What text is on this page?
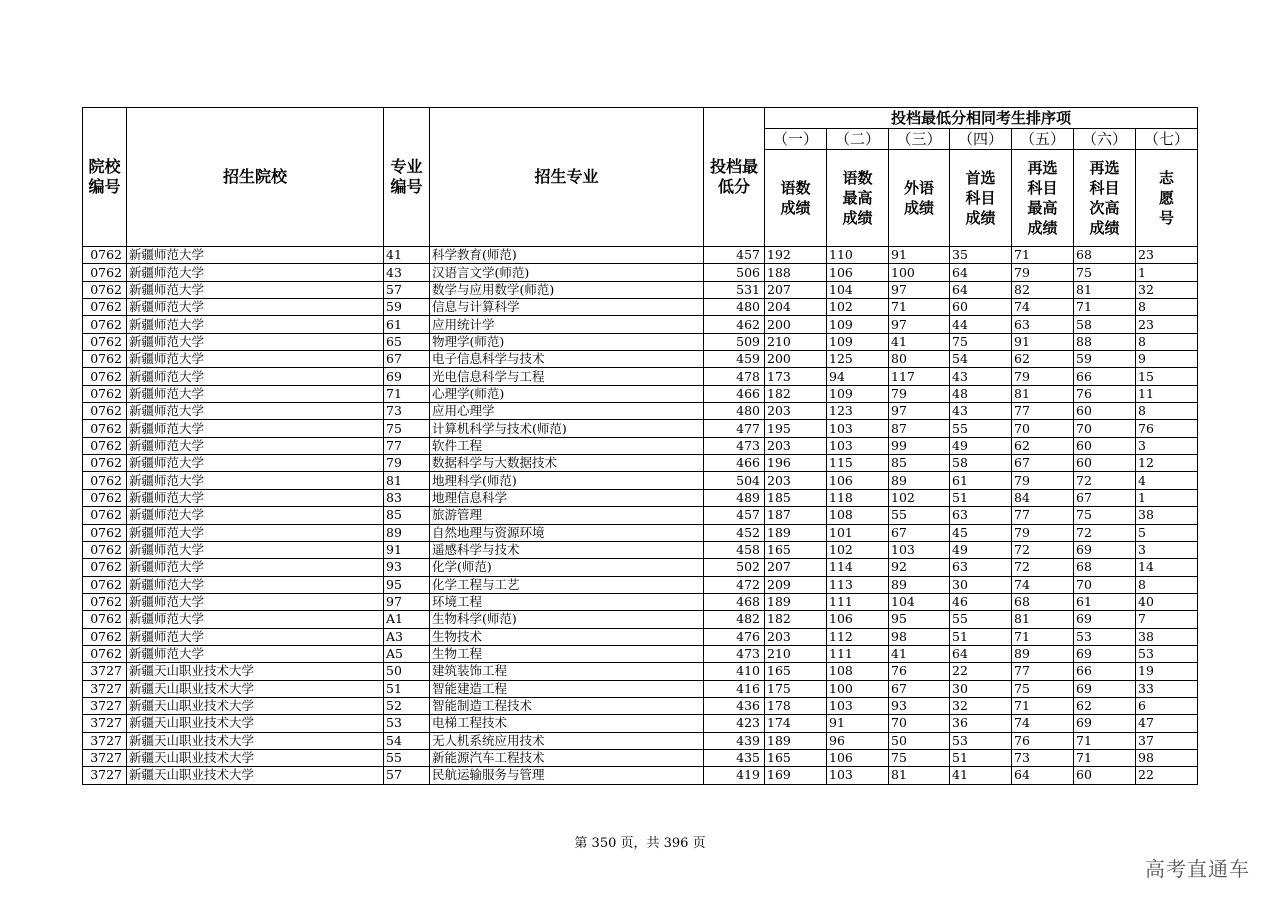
院校编号	招生院校	专业编号	招生专业	投档最低分	投档最低分相同考生排序项						
					（一）	（二）	（三）	（四）	（五）	（六）	（七）
					语数成绩	语数最高成绩	外语成绩	首选科目成绩	再选科目最高成绩	再选科目次高成绩	志愿号
0762	新疆师范大学	41	科学教育(师范)	457	192	110	91	35	71	68	23
0762	新疆师范大学	43	汉语言文学(师范)	506	188	106	100	64	79	75	1
0762	新疆师范大学	57	数学与应用数学(师范)	531	207	104	97	64	82	81	32
0762	新疆师范大学	59	信息与计算科学	480	204	102	71	60	74	71	8
0762	新疆师范大学	61	应用统计学	462	200	109	97	44	63	58	23
0762	新疆师范大学	65	物理学(师范)	509	210	109	41	75	91	88	8
0762	新疆师范大学	67	电子信息科学与技术	459	200	125	80	54	62	59	9
0762	新疆师范大学	69	光电信息科学与工程	478	173	94	117	43	79	66	15
0762	新疆师范大学	71	心理学(师范)	466	182	109	79	48	81	76	11
0762	新疆师范大学	73	应用心理学	480	203	123	97	43	77	60	8
0762	新疆师范大学	75	计算机科学与技术(师范)	477	195	103	87	55	70	70	76
0762	新疆师范大学	77	软件工程	473	203	103	99	49	62	60	3
0762	新疆师范大学	79	数据科学与大数据技术	466	196	115	85	58	67	60	12
0762	新疆师范大学	81	地理科学(师范)	504	203	106	89	61	79	72	4
0762	新疆师范大学	83	地理信息科学	489	185	118	102	51	84	67	1
0762	新疆师范大学	85	旅游管理	457	187	108	55	63	77	75	38
0762	新疆师范大学	89	自然地理与资源环境	452	189	101	67	45	79	72	5
0762	新疆师范大学	91	遥感科学与技术	458	165	102	103	49	72	69	3
0762	新疆师范大学	93	化学(师范)	502	207	114	92	63	72	68	14
0762	新疆师范大学	95	化学工程与工艺	472	209	113	89	30	74	70	8
0762	新疆师范大学	97	环境工程	468	189	111	104	46	68	61	40
0762	新疆师范大学	A1	生物科学(师范)	482	182	106	95	55	81	69	7
0762	新疆师范大学	A3	生物技术	476	203	112	98	51	71	53	38
0762	新疆师范大学	A5	生物工程	473	210	111	41	64	89	69	53
3727	新疆天山职业技术大学	50	建筑装饰工程	410	165	108	76	22	77	66	19
3727	新疆天山职业技术大学	51	智能建造工程	416	175	100	67	30	75	69	33
3727	新疆天山职业技术大学	52	智能制造工程技术	436	178	103	93	32	71	62	6
3727	新疆天山职业技术大学	53	电梯工程技术	423	174	91	70	36	74	69	47
3727	新疆天山职业技术大学	54	无人机系统应用技术	439	189	96	50	53	76	71	37
3727	新疆天山职业技术大学	55	新能源汽车工程技术	435	165	106	75	51	73	71	98
3727	新疆天山职业技术大学	57	民航运输服务与管理	419	169	103	81	41	64	60	22
第 350 页，共 396 页
高考直通车
